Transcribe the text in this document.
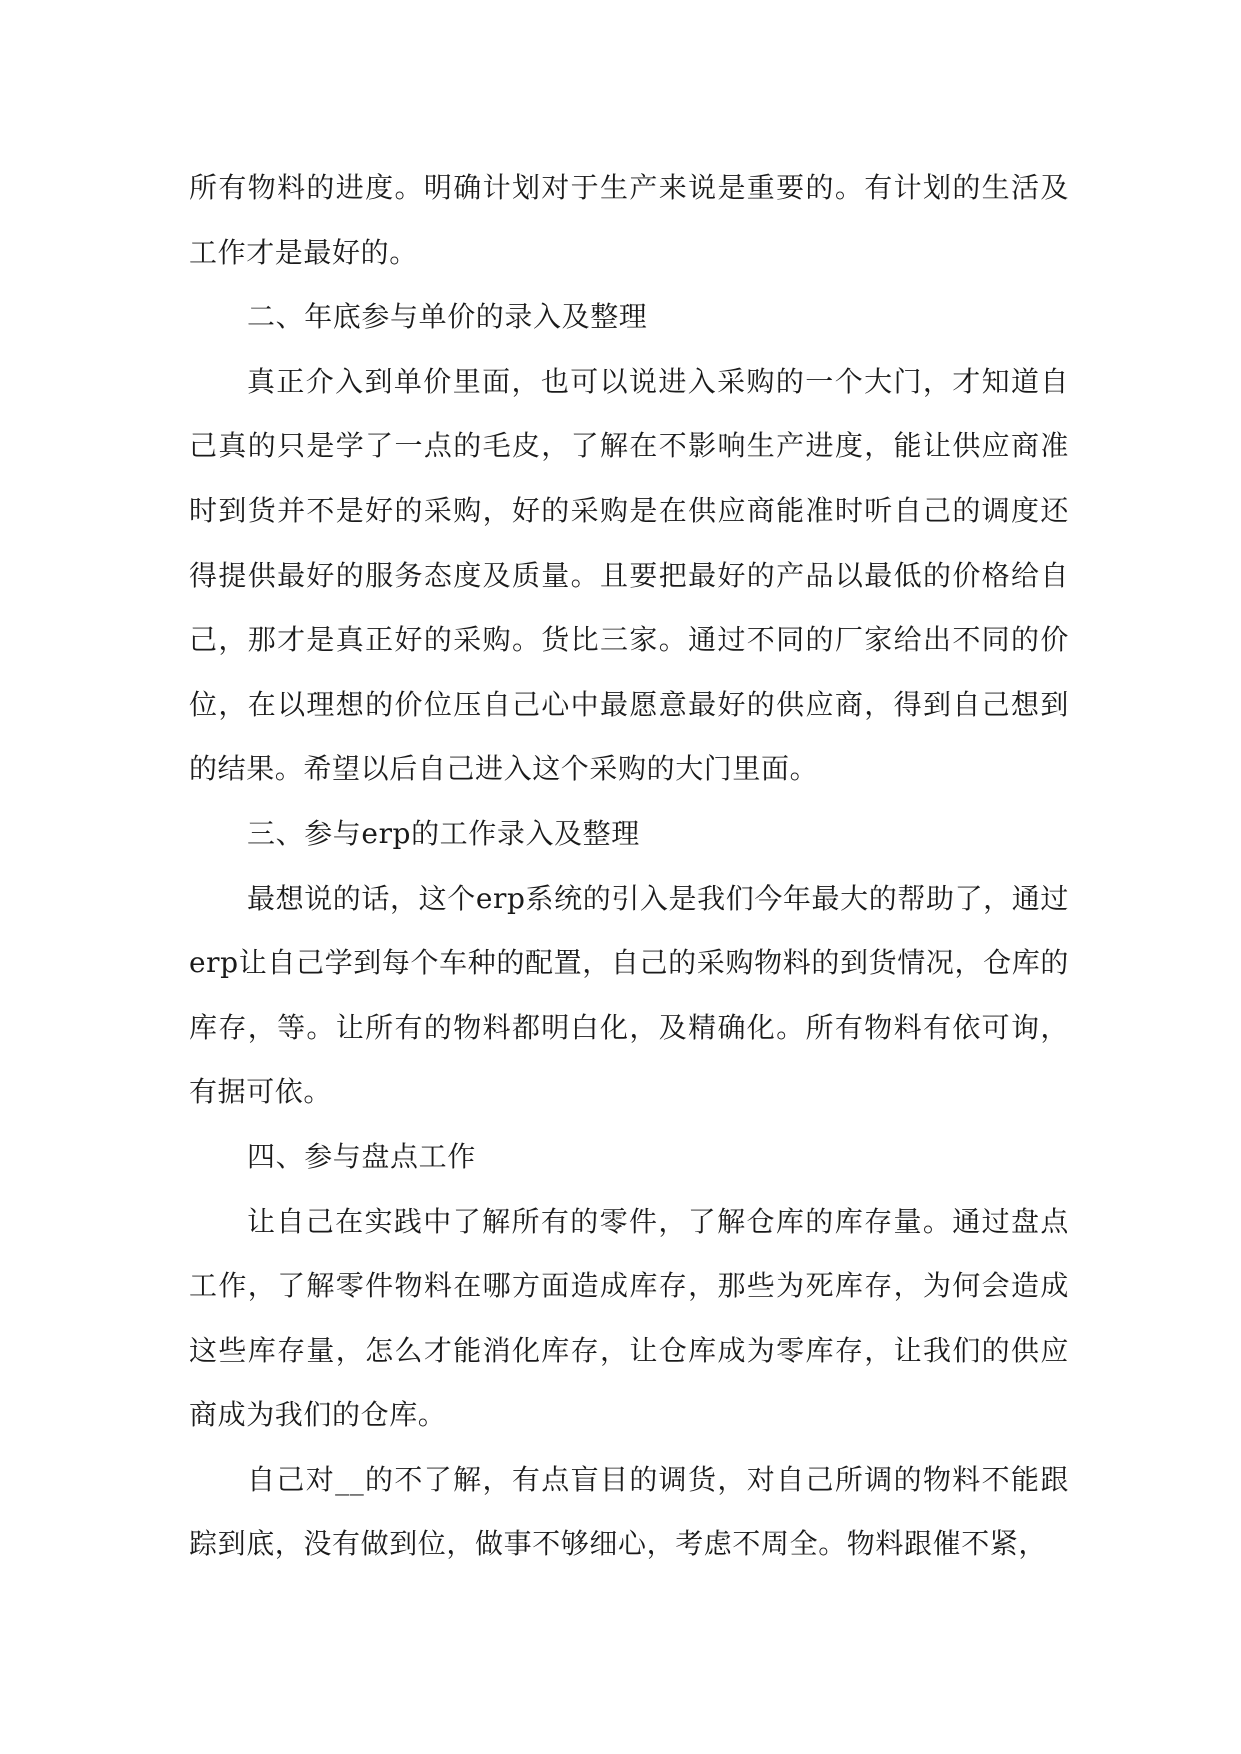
所有物料的进度。明确计划对于生产来说是重要的。有计划的生活及工作才是最好的。

二、年底参与单价的录入及整理

真正介入到单价里面，也可以说进入采购的一个大门，才知道自己真的只是学了一点的毛皮，了解在不影响生产进度，能让供应商准时到货并不是好的采购，好的采购是在供应商能准时听自己的调度还得提供最好的服务态度及质量。且要把最好的产品以最低的价格给自己，那才是真正好的采购。货比三家。通过不同的厂家给出不同的价位，在以理想的价位压自己心中最愿意最好的供应商，得到自己想到的结果。希望以后自己进入这个采购的大门里面。

三、参与erp的工作录入及整理

最想说的话，这个erp系统的引入是我们今年最大的帮助了，通过erp让自己学到每个车种的配置，自己的采购物料的到货情况，仓库的库存，等。让所有的物料都明白化，及精确化。所有物料有依可询，有据可依。

四、参与盘点工作

让自己在实践中了解所有的零件，了解仓库的库存量。通过盘点工作，了解零件物料在哪方面造成库存，那些为死库存，为何会造成这些库存量，怎么才能消化库存，让仓库成为零库存，让我们的供应商成为我们的仓库。

自己对__的不了解，有点盲目的调货，对自己所调的物料不能跟踪到底，没有做到位，做事不够细心，考虑不周全。物料跟催不紧，
